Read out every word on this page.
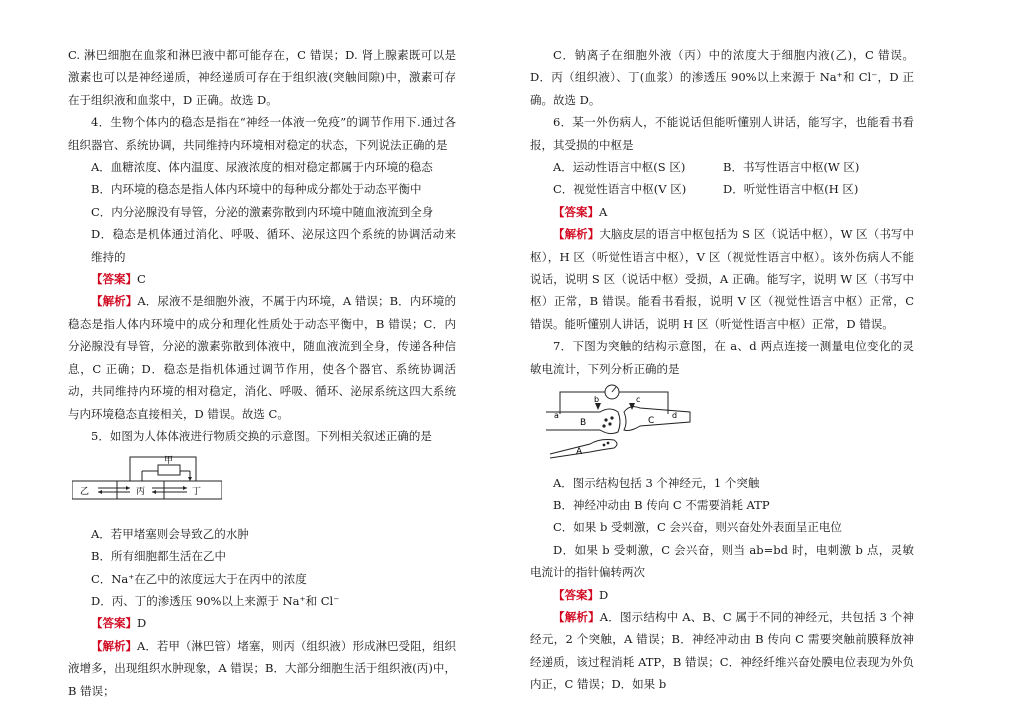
C. 淋巴细胞在血浆和淋巴液中都可能存在，C 错误；D. 肾上腺素既可以是激素也可以是神经递质，神经递质可存在于组织液(突触间隙)中，激素可存在于组织液和血浆中，D 正确。故选 D。

4．生物个体内的稳态是指在“神经一体液一免疫”的调节作用下.通过各组织器官、系统协调，共同维持内环境相对稳定的状态，下列说法正确的是

A．血糖浓度、体内温度、尿液浓度的相对稳定都属于内环境的稳态

B．内环境的稳态是指人体内环境中的每种成分都处于动态平衡中

C．内分泌腺没有导管，分泌的激素弥散到内环境中随血液流到全身

D．稳态是机体通过消化、呼吸、循环、泌尿这四个系统的协调活动来维持的

【答案】C

【解析】A．尿液不是细胞外液，不属于内环境，A 错误；B．内环境的稳态是指人体内环境中的成分和理化性质处于动态平衡中，B 错误；C．内分泌腺没有导管，分泌的激素弥散到体液中，随血液流到全身，传递各种信息，C 正确；D．稳态是指机体通过调节作用，使各个器官、系统协调活动，共同维持内环境的相对稳定，消化、呼吸、循环、泌尿系统这四大系统与内环境稳态直接相关，D 错误。故选 C。

5．如图为人体体液进行物质交换的示意图。下列相关叙述正确的是

甲
乙	丙	丁

A．若甲堵塞则会导致乙的水肿

B．所有细胞都生活在乙中

C．Na⁺在乙中的浓度远大于在丙中的浓度

D．丙、丁的渗透压 90%以上来源于 Na⁺和 Cl⁻

【答案】D

【解析】A．若甲（淋巴管）堵塞，则丙（组织液）形成淋巴受阻，组织液增多，出现组织水肿现象，A 错误；B．大部分细胞生活于组织液(丙)中，B 错误；

C．钠离子在细胞外液（丙）中的浓度大于细胞内液(乙)，C 错误。D．丙（组织液）、丁(血浆）的渗透压 90%以上来源于 Na⁺和 Cl⁻，D 正确。故选 D。

6．某一外伤病人，不能说话但能听懂别人讲话，能写字，也能看书看报，其受损的中枢是

A．运动性语言中枢(S 区)	B．书写性语言中枢(W 区)
C．视觉性语言中枢(V 区)	D．听觉性语言中枢(H 区)

【答案】A

【解析】大脑皮层的语言中枢包括为 S 区（说话中枢），W 区（书写中枢），H 区（听觉性语言中枢），V 区（视觉性语言中枢）。该外伤病人不能说话，说明 S 区（说话中枢）受损，A 正确。能写字，说明 W 区（书写中枢）正常，B 错误。能看书看报，说明 V 区（视觉性语言中枢）正常，C 错误。能听懂别人讲话，说明 H 区（听觉性语言中枢）正常，D 错误。

7．下图为突触的结构示意图，在 a、d 两点连接一测量电位变化的灵敏电流计，下列分析正确的是

a
b	c
d
A
B	C

A．图示结构包括 3 个神经元，1 个突触

B．神经冲动由 B 传向 C 不需要消耗 ATP

C．如果 b 受刺激，C 会兴奋，则兴奋处外表面呈正电位

D．如果 b 受刺激，C 会兴奋，则当 ab=bd 时，电刺激 b 点，灵敏电流计的指针偏转两次

【答案】D

【解析】A．图示结构中 A、B、C 属于不同的神经元，共包括 3 个神经元，2 个突触，A 错误；B．神经冲动由 B 传向 C 需要突触前膜释放神经递质，该过程消耗 ATP，B 错误；C．神经纤维兴奋处膜电位表现为外负内正，C 错误；D．如果 b
